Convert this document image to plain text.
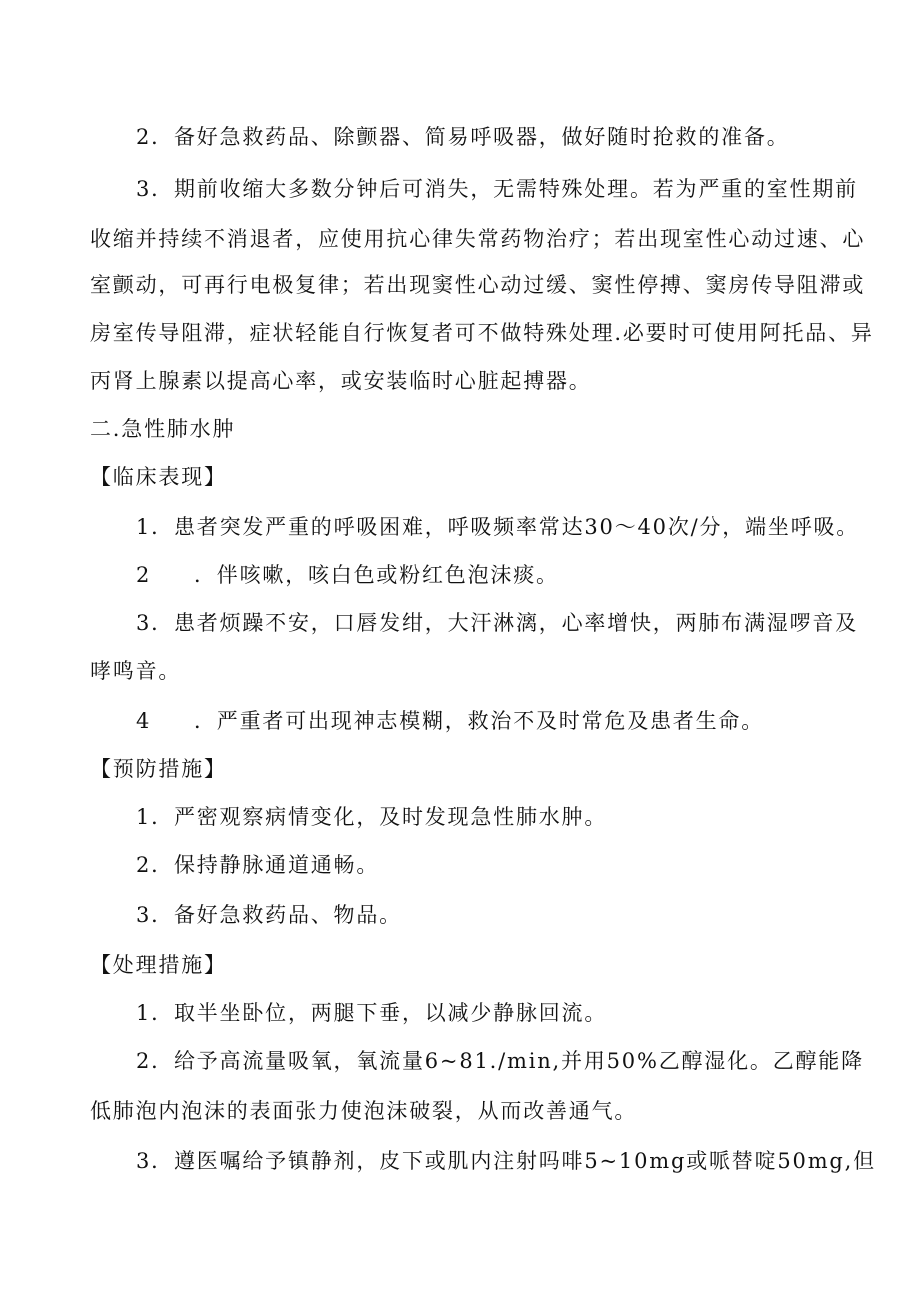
2．备好急救药品、除颤器、简易呼吸器，做好随时抢救的准备。
3．期前收缩大多数分钟后可消失，无需特殊处理。若为严重的室性期前
收缩并持续不消退者，应使用抗心律失常药物治疗；若出现室性心动过速、心
室颤动，可再行电极复律；若出现窦性心动过缓、窦性停搏、窦房传导阻滞或
房室传导阻滞，症状轻能自行恢复者可不做特殊处理.必要时可使用阿托品、异
丙肾上腺素以提高心率，或安装临时心脏起搏器。
二.急性肺水肿
【临床表现】
1．患者突发严重的呼吸困难，呼吸频率常达30～40次/分，端坐呼吸。
2 ．伴咳嗽，咳白色或粉红色泡沫痰。
3．患者烦躁不安，口唇发绀，大汗淋漓，心率增快，两肺布满湿啰音及
哮鸣音。
4 ．严重者可出现神志模糊，救治不及时常危及患者生命。
【预防措施】
1．严密观察病情变化，及时发现急性肺水肿。
2．保持静脉通道通畅。
3．备好急救药品、物品。
【处理措施】
1．取半坐卧位，两腿下垂，以减少静脉回流。
2．给予高流量吸氧，氧流量6~81./min,并用50%乙醇湿化。乙醇能降
低肺泡内泡沫的表面张力使泡沫破裂，从而改善通气。
3．遵医嘱给予镇静剂，皮下或肌内注射吗啡5~10mg或哌替啶50mg,但
